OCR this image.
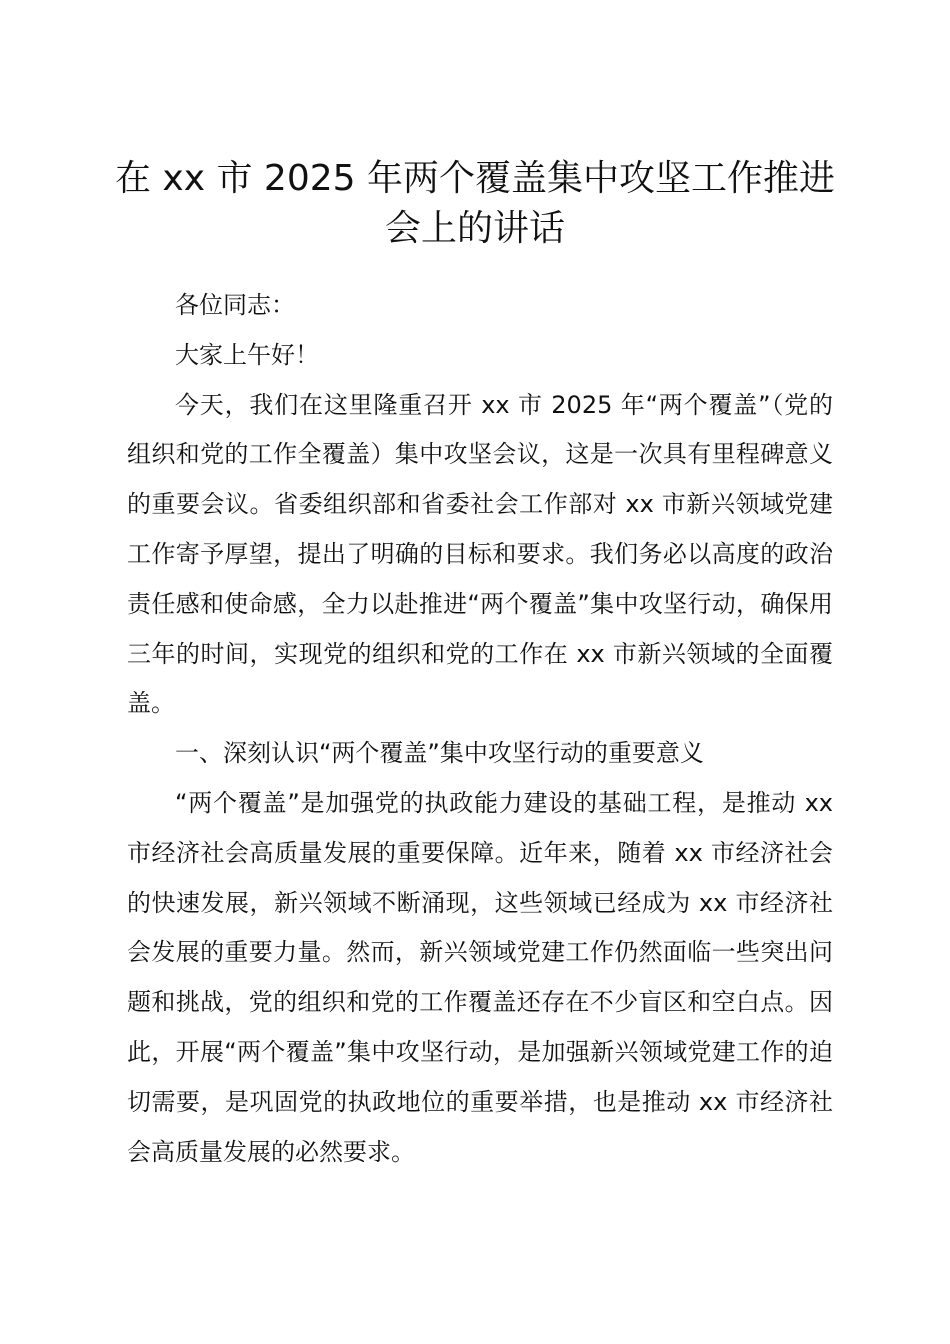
在 xx 市 2025 年两个覆盖集中攻坚工作推进
会上的讲话

各位同志：

大家上午好！

今天，我们在这里隆重召开 xx 市 2025 年“两个覆盖”（党的组织和党的工作全覆盖）集中攻坚会议，这是一次具有里程碑意义的重要会议。省委组织部和省委社会工作部对 xx 市新兴领域党建工作寄予厚望，提出了明确的目标和要求。我们务必以高度的政治责任感和使命感，全力以赴推进“两个覆盖”集中攻坚行动，确保用三年的时间，实现党的组织和党的工作在 xx 市新兴领域的全面覆盖。

一、深刻认识“两个覆盖”集中攻坚行动的重要意义

“两个覆盖”是加强党的执政能力建设的基础工程，是推动 xx 市经济社会高质量发展的重要保障。近年来，随着 xx 市经济社会的快速发展，新兴领域不断涌现，这些领域已经成为 xx 市经济社会发展的重要力量。然而，新兴领域党建工作仍然面临一些突出问题和挑战，党的组织和党的工作覆盖还存在不少盲区和空白点。因此，开展“两个覆盖”集中攻坚行动，是加强新兴领域党建工作的迫切需要，是巩固党的执政地位的重要举措，也是推动 xx 市经济社会高质量发展的必然要求。
